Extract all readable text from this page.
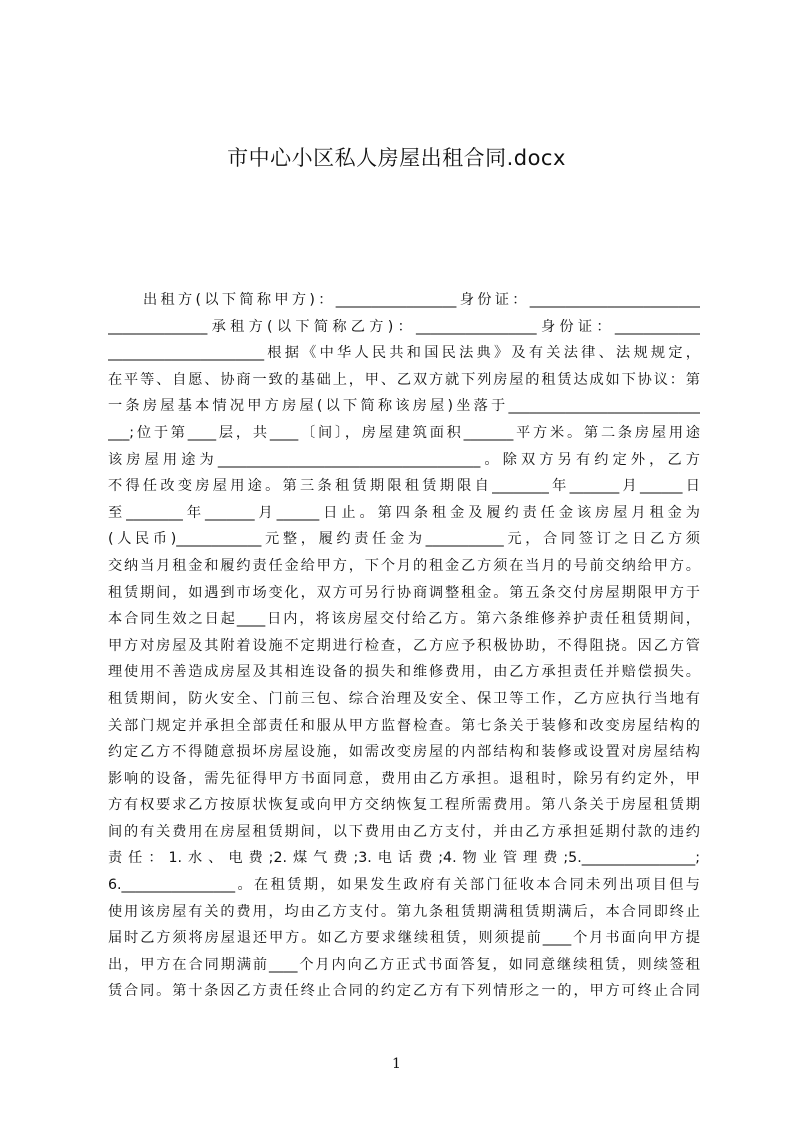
市中心小区私人房屋出租合同.docx
　　出租方(以下简称甲方)：_________________身份证：________________________
______________承租方(以下简称乙方)：_________________身份证：____________
______________________根据《中华人民共和国民法典》及有关法律、法规规定，
在平等、自愿、协商一致的基础上，甲、乙双方就下列房屋的租赁达成如下协议：第
一条房屋基本情况甲方房屋(以下简称该房屋)坐落于___________________________
___;位于第____层，共____〔间〕，房屋建筑面积_______平方米。第二条房屋用途
该房屋用途为_____________________________________。除双方另有约定外，乙方
不得任改变房屋用途。第三条租赁期限租赁期限自________年_______月______日
至________年_______月______日止。第四条租金及履约责任金该房屋月租金为
(人民币)____________元整，履约责任金为___________元，合同签订之日乙方须
交纳当月租金和履约责任金给甲方，下个月的租金乙方须在当月的号前交纳给甲方。
租赁期间，如遇到市场变化，双方可另行协商调整租金。第五条交付房屋期限甲方于
本合同生效之日起____日内，将该房屋交付给乙方。第六条维修养护责任租赁期间，
甲方对房屋及其附着设施不定期进行检查，乙方应予积极协助，不得阻挠。因乙方管
理使用不善造成房屋及其相连设备的损失和维修费用，由乙方承担责任并赔偿损失。
租赁期间，防火安全、门前三包、综合治理及安全、保卫等工作，乙方应执行当地有
关部门规定并承担全部责任和服从甲方监督检查。第七条关于装修和改变房屋结构的
约定乙方不得随意损坏房屋设施，如需改变房屋的内部结构和装修或设置对房屋结构
影响的设备，需先征得甲方书面同意，费用由乙方承担。退租时，除另有约定外，甲
方有权要求乙方按原状恢复或向甲方交纳恢复工程所需费用。第八条关于房屋租赁期
间的有关费用在房屋租赁期间，以下费用由乙方支付，并由乙方承担延期付款的违约
责任：1.水、电费;2.煤气费;3.电话费;4.物业管理费;5.________________;
6.________________。在租赁期，如果发生政府有关部门征收本合同未列出项目但与
使用该房屋有关的费用，均由乙方支付。第九条租赁期满租赁期满后，本合同即终止
届时乙方须将房屋退还甲方。如乙方要求继续租赁，则须提前____个月书面向甲方提
出，甲方在合同期满前____个月内向乙方正式书面答复，如同意继续租赁，则续签租
赁合同。第十条因乙方责任终止合同的约定乙方有下列情形之一的，甲方可终止合同
1
